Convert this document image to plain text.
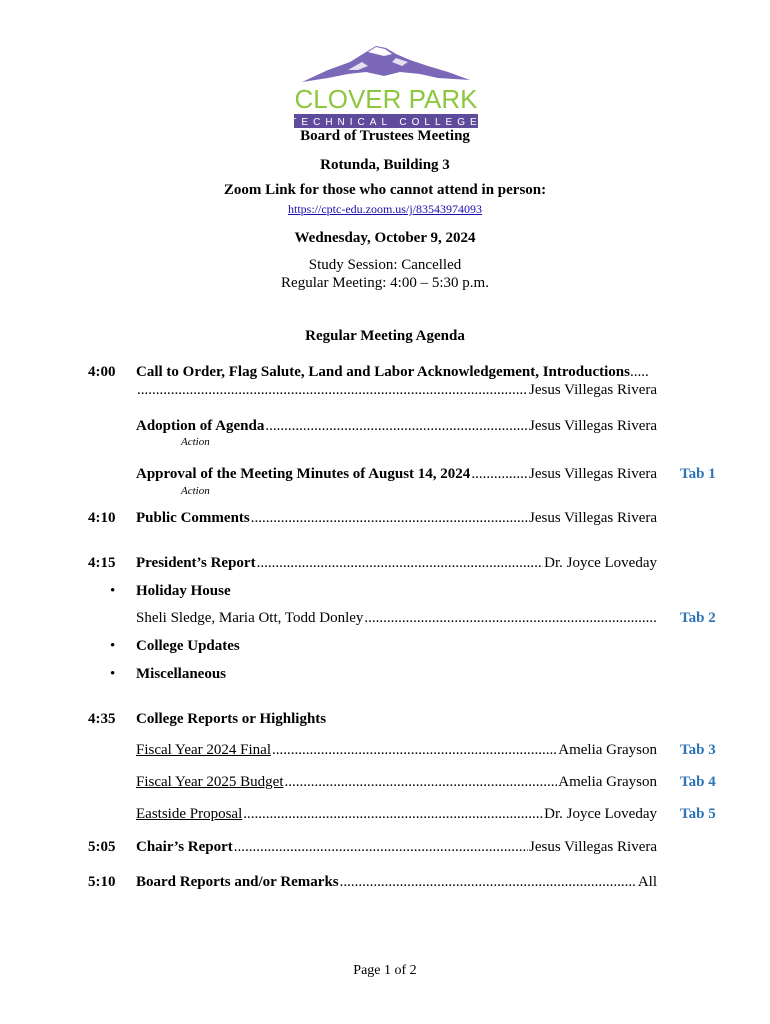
CLOVER PARK
TECHNICAL COLLEGE
Board of Trustees Meeting
Rotunda, Building 3
Zoom Link for those who cannot attend in person:
https://cptc-edu.zoom.us/j/83543974093
Wednesday, October 9, 2024
Study Session: Cancelled
Regular Meeting: 4:00 – 5:30 p.m.
Regular Meeting Agenda
4:00 Call to Order, Flag Salute, Land and Labor Acknowledgement, Introductions.....
.....
Jesus Villegas Rivera
Adoption of Agenda .....	Jesus Villegas Rivera
Action
Approval of the Meeting Minutes of August 14, 2024 .....	Jesus Villegas Rivera Tab 1
Action
4:10 Public Comments .....	Jesus Villegas Rivera
4:15 President’s Report .....	Dr. Joyce Loveday
• Holiday House
Sheli Sledge, Maria Ott, Todd Donley .....	Tab 2
• College Updates
• Miscellaneous
4:35 College Reports or Highlights
Fiscal Year 2024 Final .....	Amelia Grayson Tab 3
Fiscal Year 2025 Budget .....	Amelia Grayson Tab 4
Eastside Proposal .....	Dr. Joyce Loveday Tab 5
5:05 Chair’s Report .....	Jesus Villegas Rivera
5:10 Board Reports and/or Remarks .....	All
Page 1 of 2
